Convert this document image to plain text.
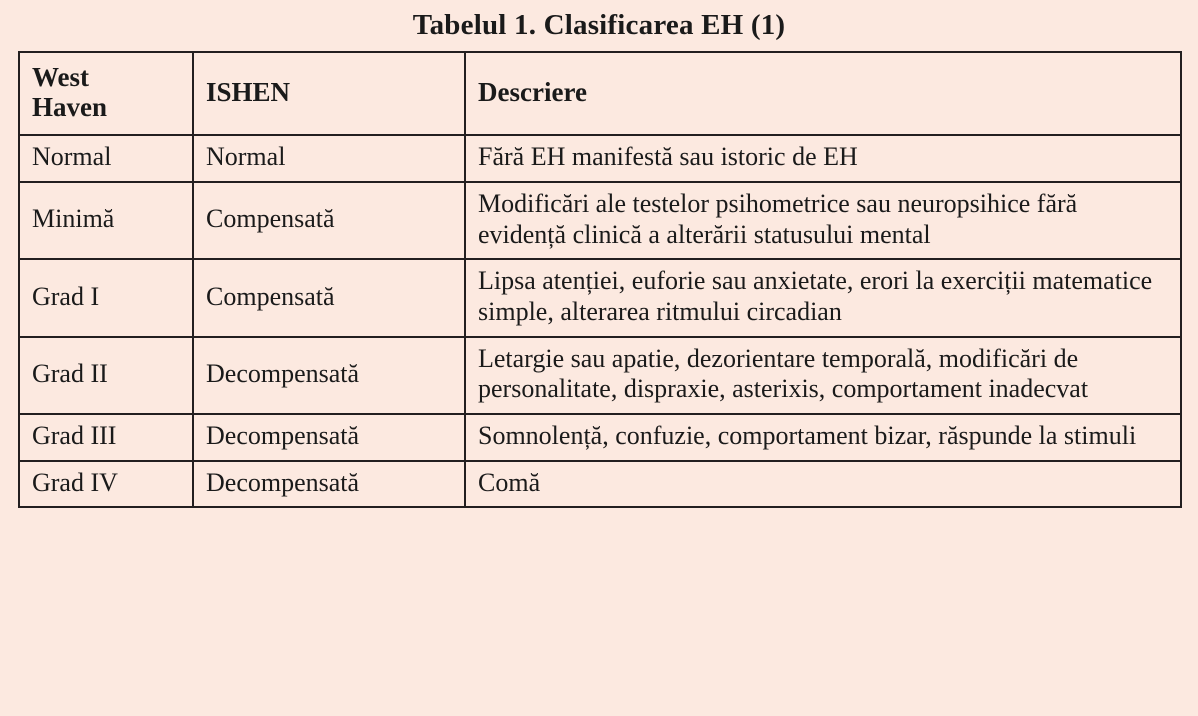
Tabelul 1. Clasificarea EH (1)
West
Haven	ISHEN	Descriere
Normal	Normal	Fără EH manifestă sau istoric de EH
Minimă	Compensată	Modificări ale testelor psihometrice sau neuropsihice fără evidență clinică a alterării statusului mental
Grad I	Compensată	Lipsa atenției, euforie sau anxietate, erori la exerciții matematice simple, alterarea ritmului circadian
Grad II	Decompensată	Letargie sau apatie, dezorientare temporală, modificări de personalitate, dispraxie, asterixis, comportament inadecvat
Grad III	Decompensată	Somnolență, confuzie, comportament bizar, răspunde la stimuli
Grad IV	Decompensată	Comă
